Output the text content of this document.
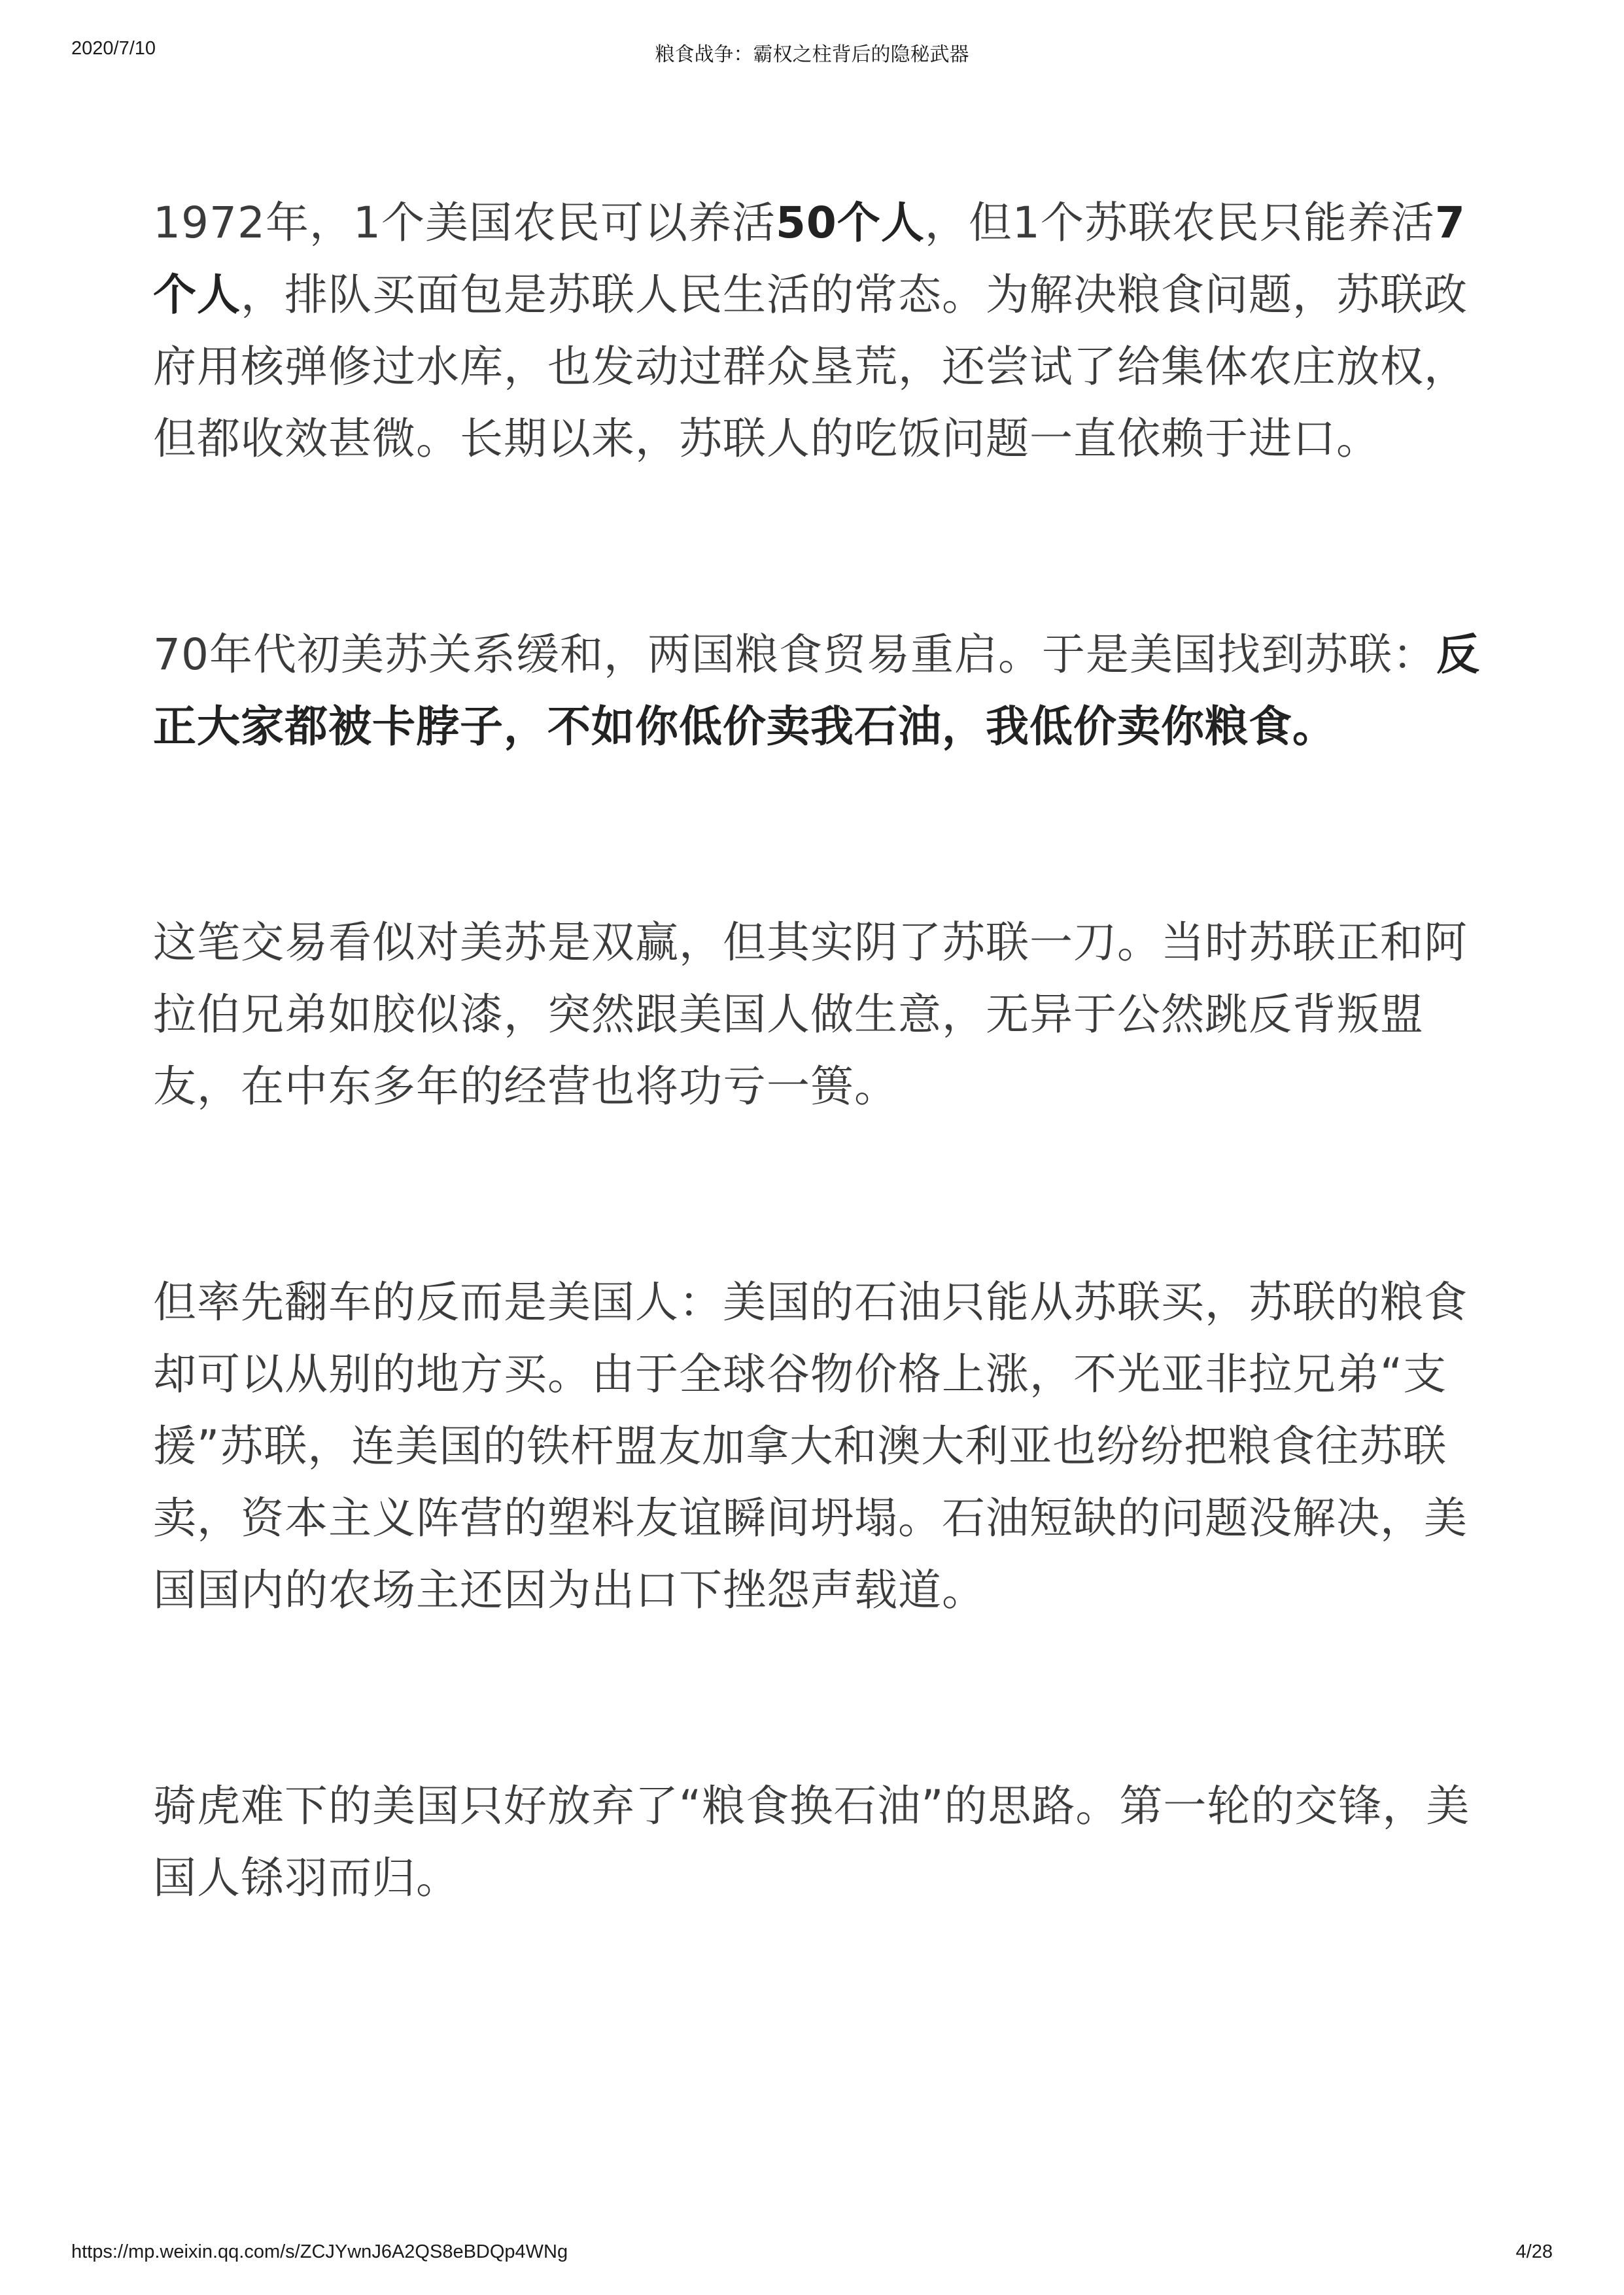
2020/7/10	粮食战争：霸权之柱背后的隐秘武器

1972年，1个美国农民可以养活50个人，但1个苏联农民只能养活7个人，排队买面包是苏联人民生活的常态。为解决粮食问题，苏联政府用核弹修过水库，也发动过群众垦荒，还尝试了给集体农庄放权，但都收效甚微。长期以来，苏联人的吃饭问题一直依赖于进口。

70年代初美苏关系缓和，两国粮食贸易重启。于是美国找到苏联：反正大家都被卡脖子，不如你低价卖我石油，我低价卖你粮食。

这笔交易看似对美苏是双赢，但其实阴了苏联一刀。当时苏联正和阿拉伯兄弟如胶似漆，突然跟美国人做生意，无异于公然跳反背叛盟友，在中东多年的经营也将功亏一篑。

但率先翻车的反而是美国人：美国的石油只能从苏联买，苏联的粮食却可以从别的地方买。由于全球谷物价格上涨，不光亚非拉兄弟“支援”苏联，连美国的铁杆盟友加拿大和澳大利亚也纷纷把粮食往苏联卖，资本主义阵营的塑料友谊瞬间坍塌。石油短缺的问题没解决，美国国内的农场主还因为出口下挫怨声载道。

骑虎难下的美国只好放弃了“粮食换石油”的思路。第一轮的交锋，美国人铩羽而归。

https://mp.weixin.qq.com/s/ZCJYwnJ6A2QS8eBDQp4WNg	4/28
